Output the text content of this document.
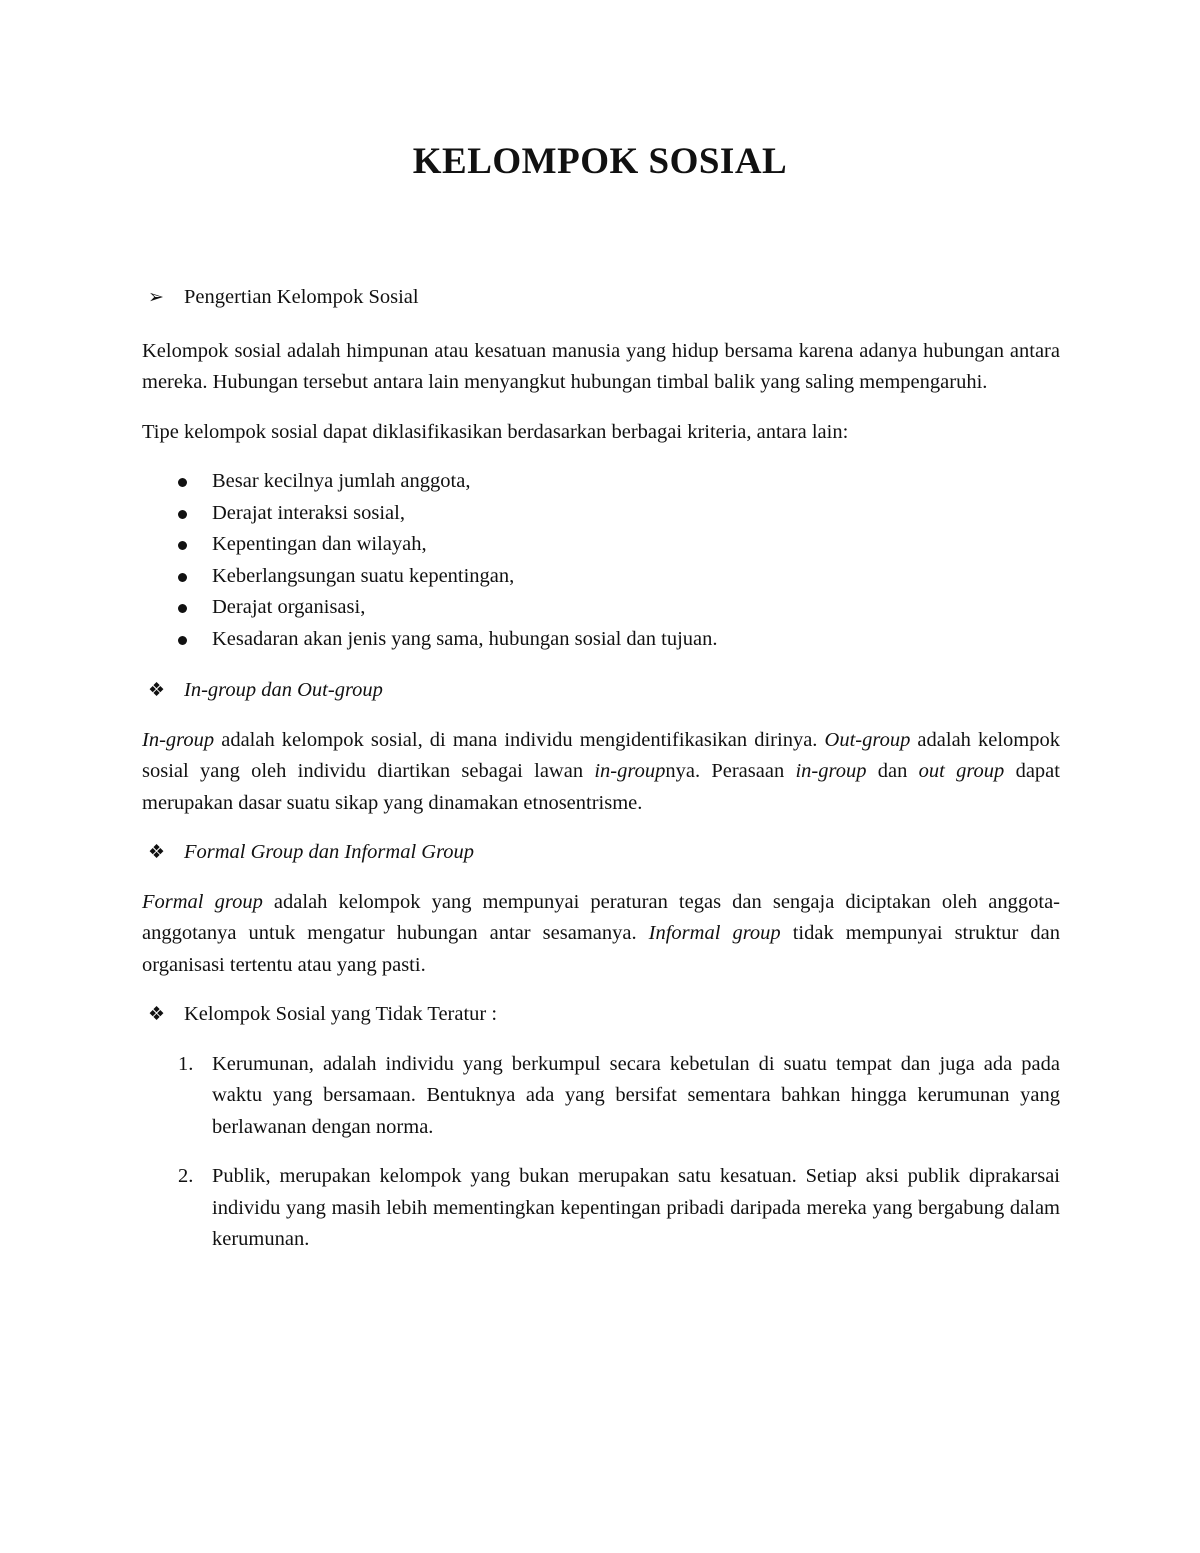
KELOMPOK SOSIAL
➢ Pengertian Kelompok Sosial

Kelompok sosial adalah himpunan atau kesatuan manusia yang hidup bersama karena adanya hubungan antara mereka. Hubungan tersebut antara lain menyangkut hubungan timbal balik yang saling mempengaruhi.

Tipe kelompok sosial dapat diklasifikasikan berdasarkan berbagai kriteria, antara lain:

Besar kecilnya jumlah anggota,
Derajat interaksi sosial,
Kepentingan dan wilayah,
Keberlangsungan suatu kepentingan,
Derajat organisasi,
Kesadaran akan jenis yang sama, hubungan sosial dan tujuan.
❖ In-group dan Out-group

In-group adalah kelompok sosial, di mana individu mengidentifikasikan dirinya. Out-group adalah kelompok sosial yang oleh individu diartikan sebagai lawan in-groupnya. Perasaan in-group dan out group dapat merupakan dasar suatu sikap yang dinamakan etnosentrisme.

❖ Formal Group dan Informal Group

Formal group adalah kelompok yang mempunyai peraturan tegas dan sengaja diciptakan oleh anggota-anggotanya untuk mengatur hubungan antar sesamanya. Informal group tidak mempunyai struktur dan organisasi tertentu atau yang pasti.

❖ Kelompok Sosial yang Tidak Teratur :
1. Kerumunan, adalah individu yang berkumpul secara kebetulan di suatu tempat dan juga ada pada waktu yang bersamaan. Bentuknya ada yang bersifat sementara bahkan hingga kerumunan yang berlawanan dengan norma.
2. Publik, merupakan kelompok yang bukan merupakan satu kesatuan. Setiap aksi publik diprakarsai individu yang masih lebih mementingkan kepentingan pribadi daripada mereka yang bergabung dalam kerumunan.
